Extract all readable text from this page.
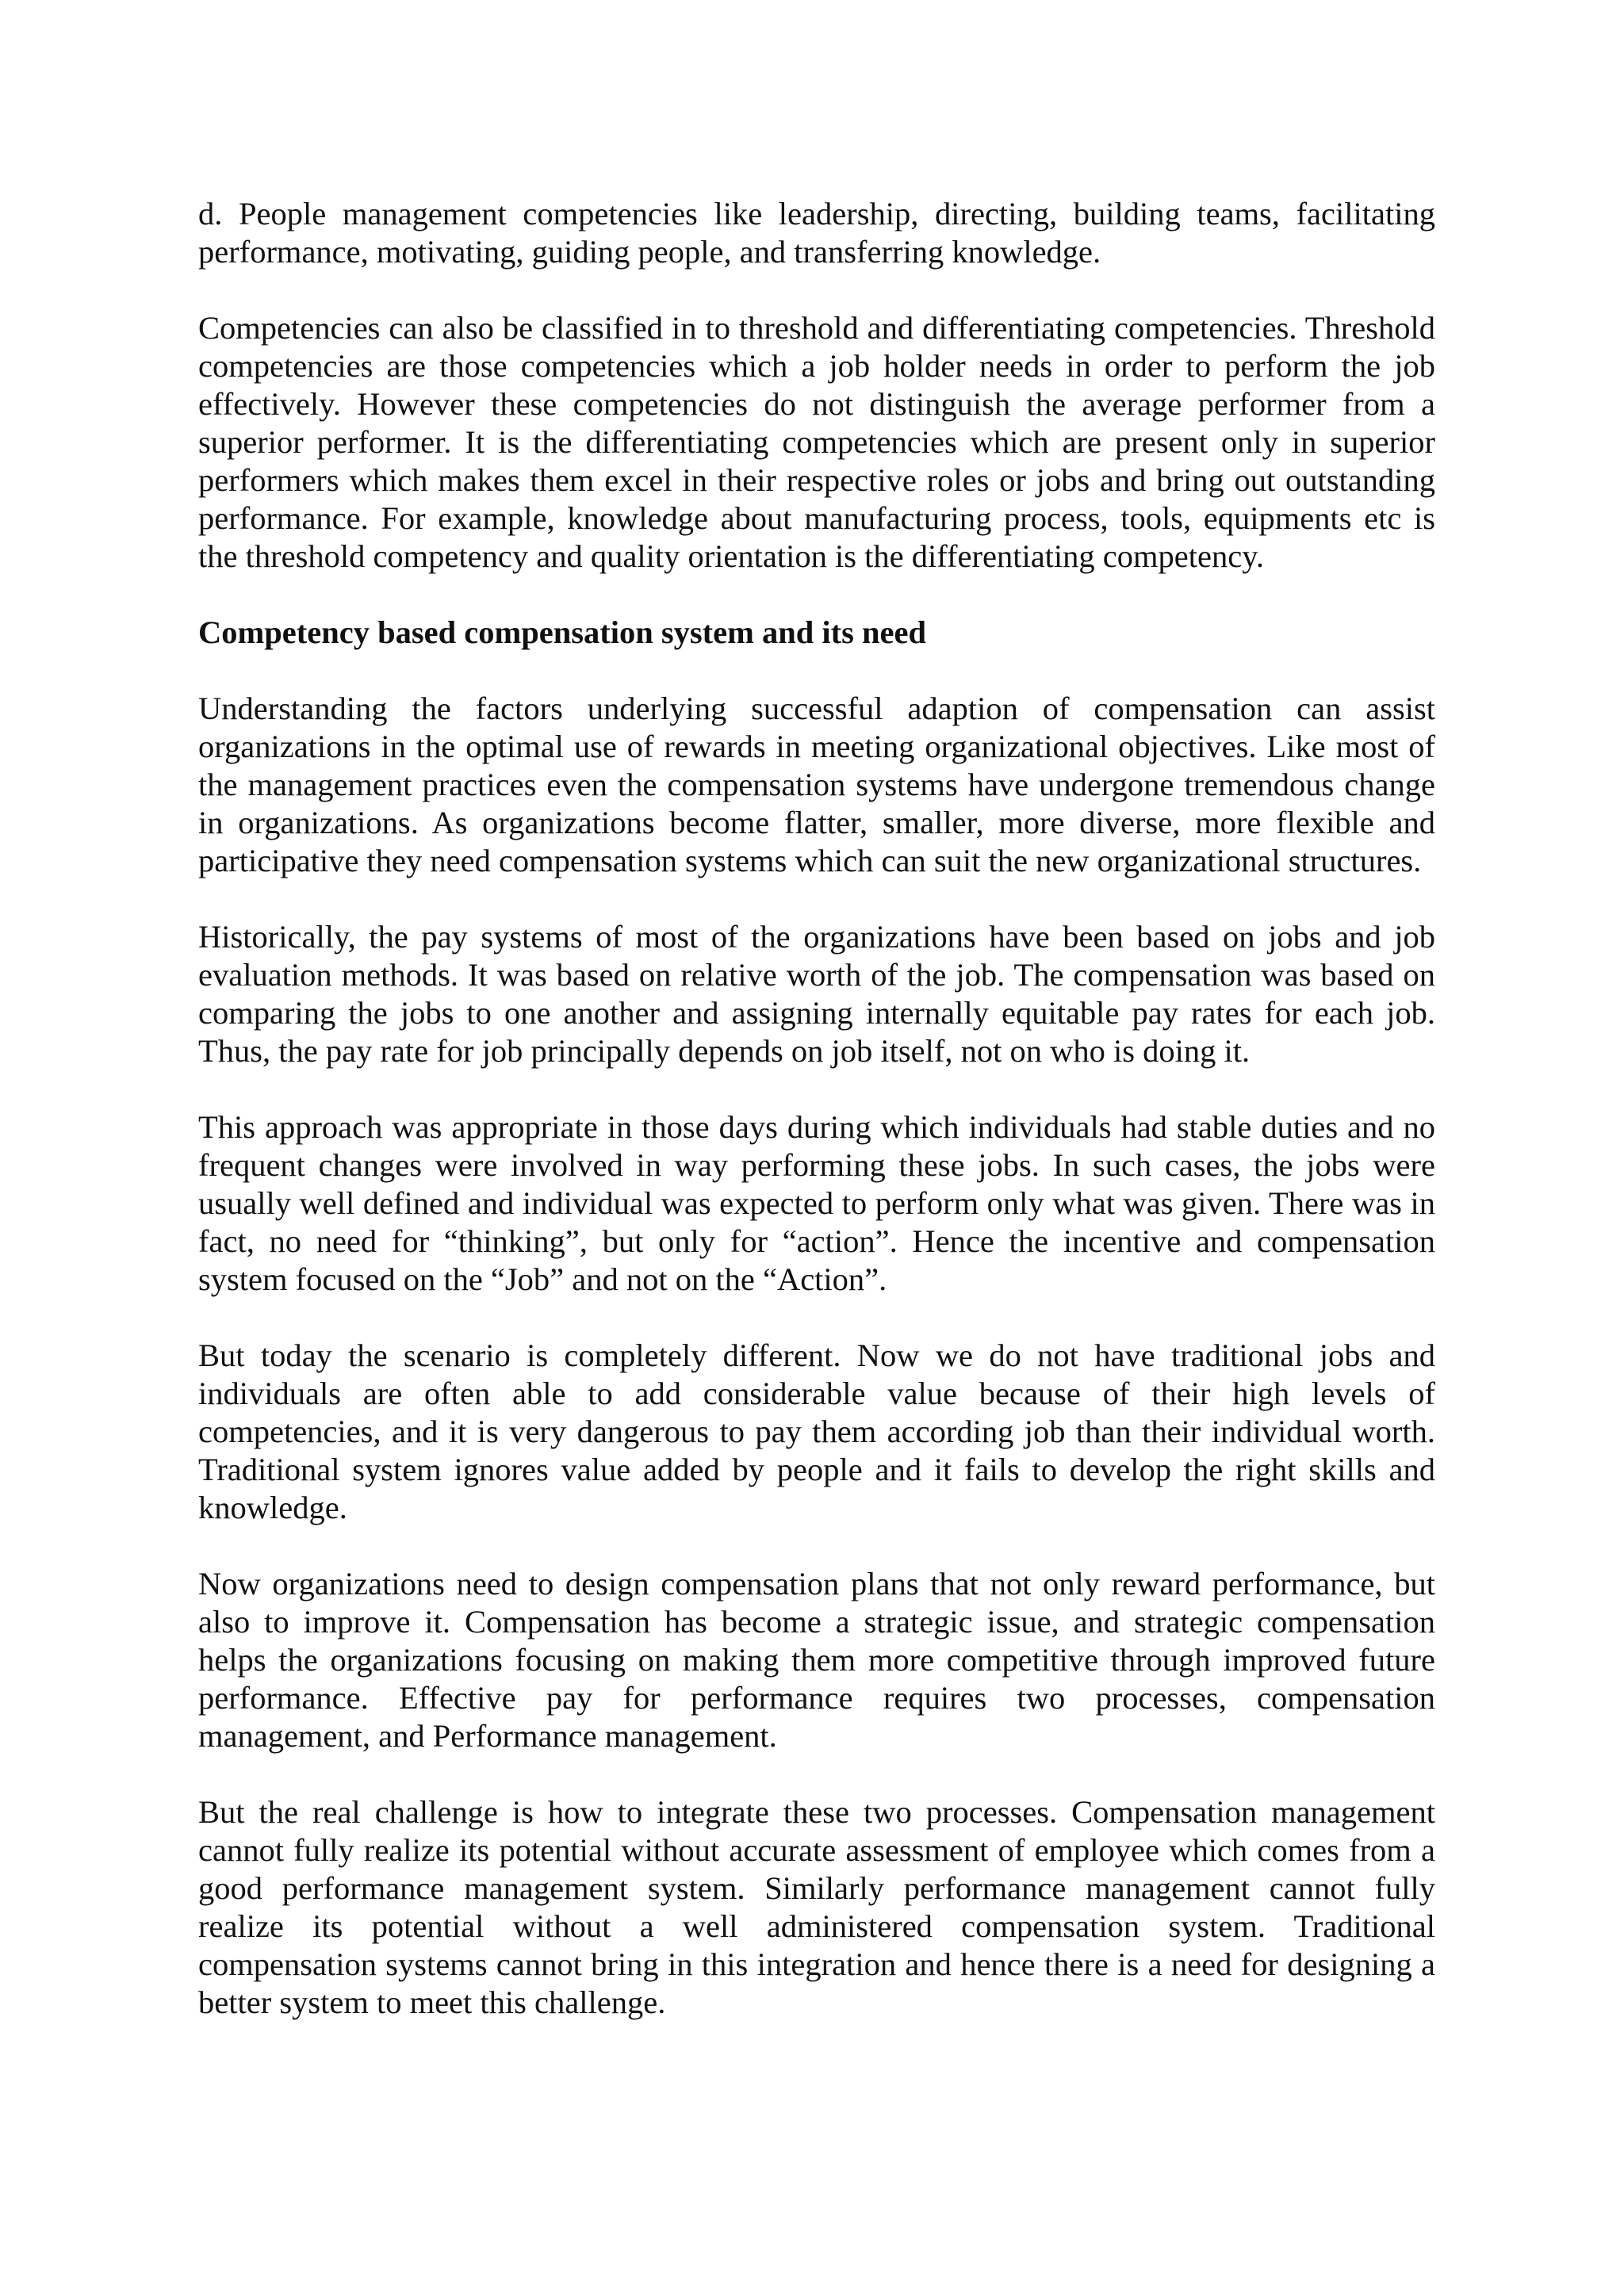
d. People management competencies like leadership, directing, building teams, facilitating performance, motivating, guiding people, and transferring knowledge.

Competencies can also be classified in to threshold and differentiating competencies. Threshold competencies are those competencies which a job holder needs in order to perform the job effectively. However these competencies do not distinguish the average performer from a superior performer. It is the differentiating competencies which are present only in superior performers which makes them excel in their respective roles or jobs and bring out outstanding performance. For example, knowledge about manufacturing process, tools, equipments etc is the threshold competency and quality orientation is the differentiating competency.

Competency based compensation system and its need

Understanding the factors underlying successful adaption of compensation can assist organizations in the optimal use of rewards in meeting organizational objectives. Like most of the management practices even the compensation systems have undergone tremendous change in organizations. As organizations become flatter, smaller, more diverse, more flexible and participative they need compensation systems which can suit the new organizational structures.

Historically, the pay systems of most of the organizations have been based on jobs and job evaluation methods. It was based on relative worth of the job. The compensation was based on comparing the jobs to one another and assigning internally equitable pay rates for each job. Thus, the pay rate for job principally depends on job itself, not on who is doing it.

This approach was appropriate in those days during which individuals had stable duties and no frequent changes were involved in way performing these jobs. In such cases, the jobs were usually well defined and individual was expected to perform only what was given. There was in fact, no need for “thinking”, but only for “action”. Hence the incentive and compensation system focused on the “Job” and not on the “Action”.

But today the scenario is completely different. Now we do not have traditional jobs and individuals are often able to add considerable value because of their high levels of competencies, and it is very dangerous to pay them according job than their individual worth. Traditional system ignores value added by people and it fails to develop the right skills and knowledge.

Now organizations need to design compensation plans that not only reward performance, but also to improve it. Compensation has become a strategic issue, and strategic compensation helps the organizations focusing on making them more competitive through improved future performance. Effective pay for performance requires two processes, compensation management, and Performance management.

But the real challenge is how to integrate these two processes. Compensation management cannot fully realize its potential without accurate assessment of employee which comes from a good performance management system. Similarly performance management cannot fully realize its potential without a well administered compensation system. Traditional compensation systems cannot bring in this integration and hence there is a need for designing a better system to meet this challenge.
